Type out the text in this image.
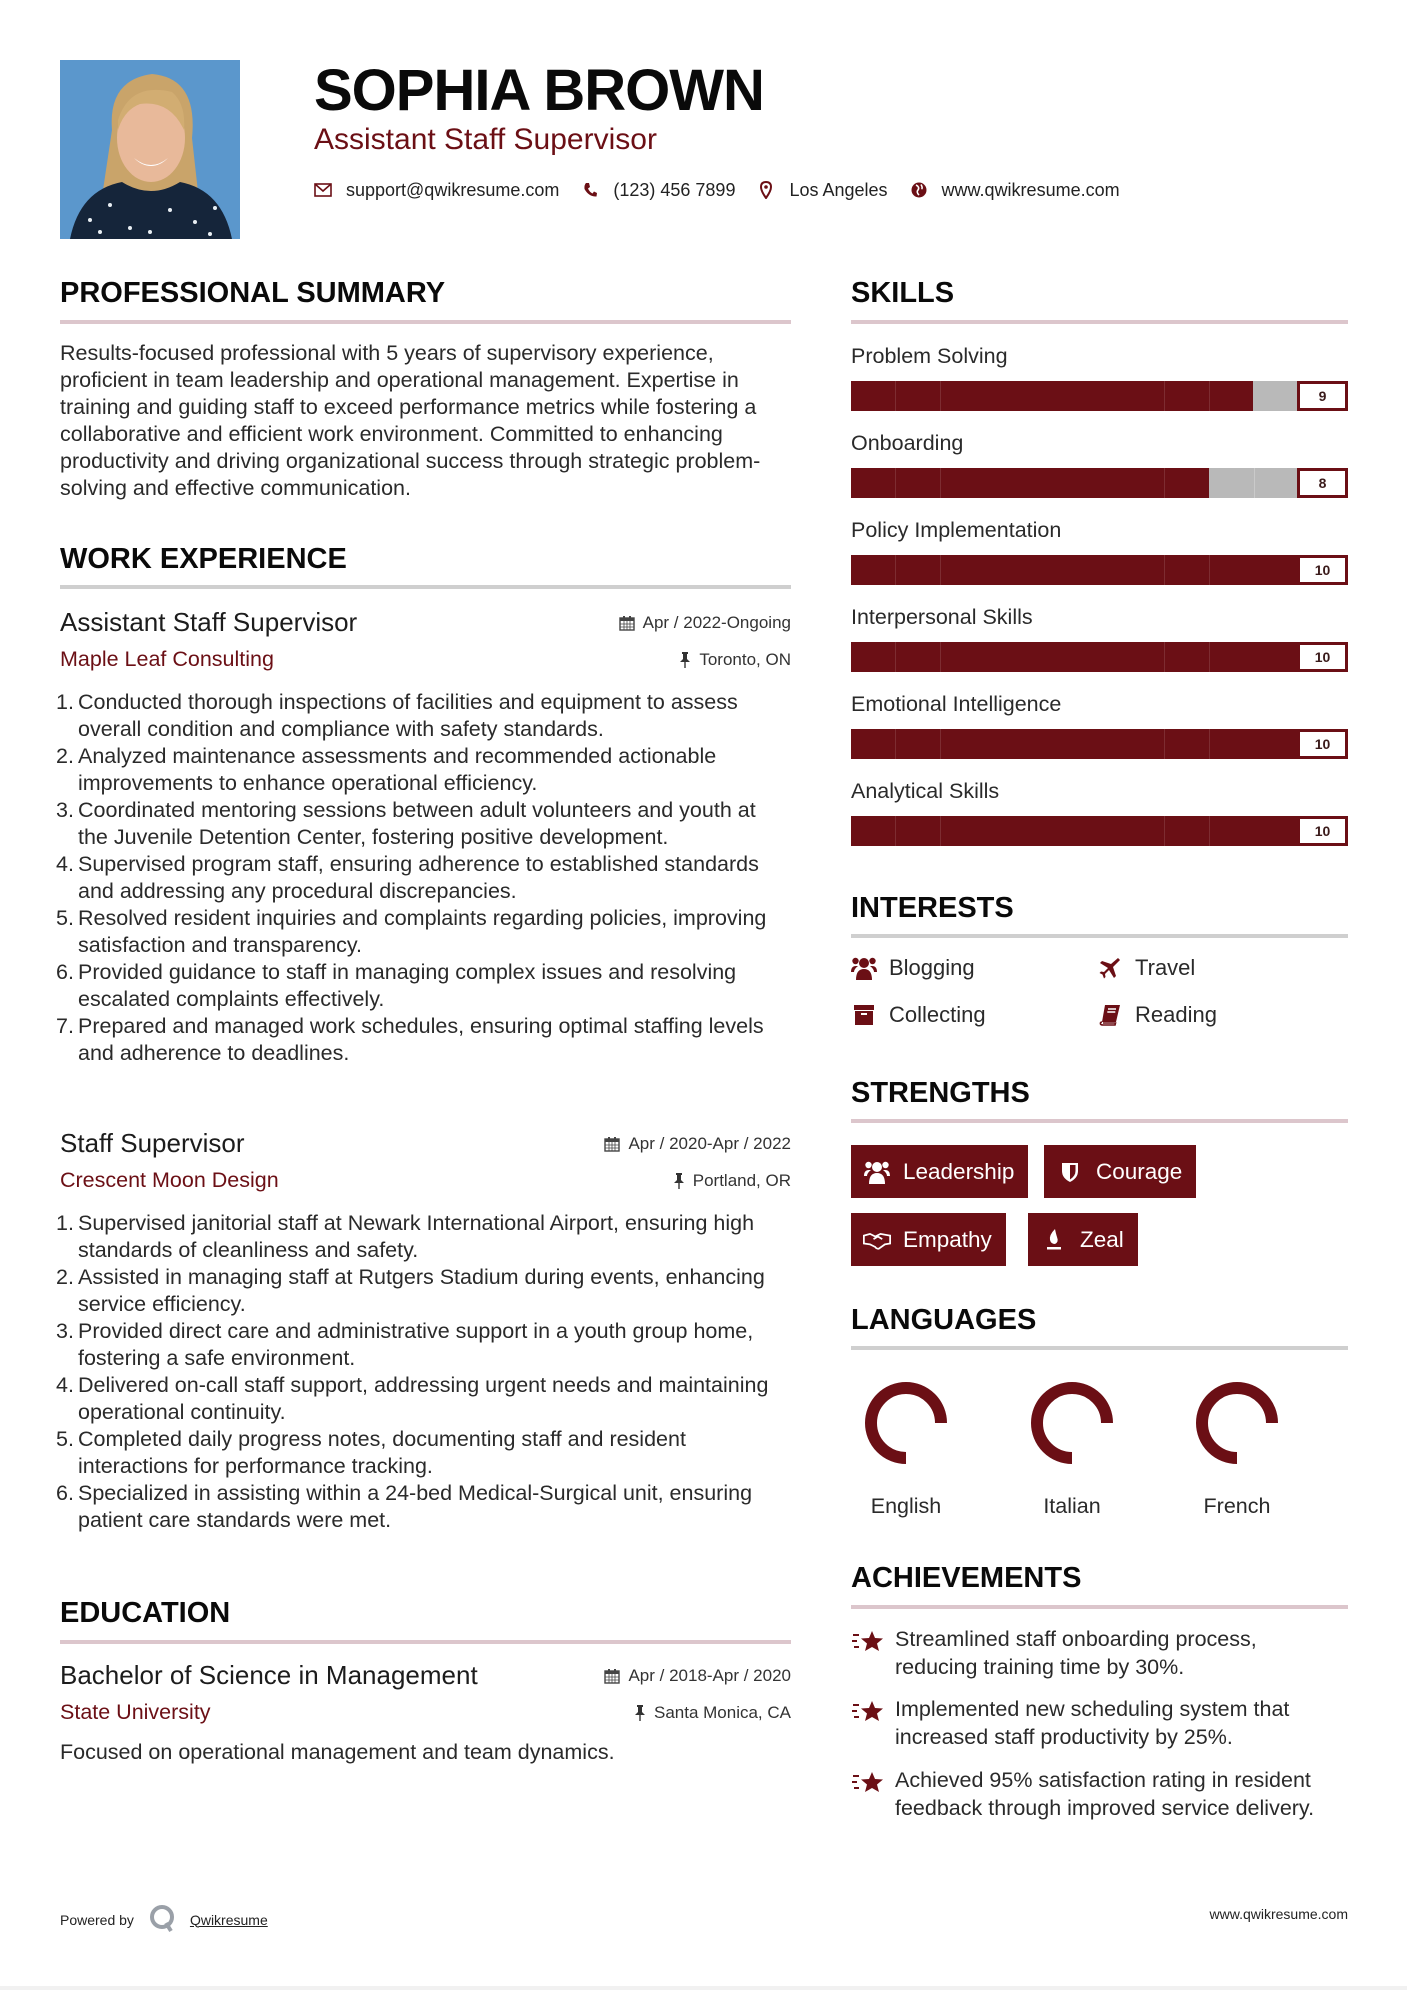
SOPHIA BROWN
Assistant Staff Supervisor
support@qwikresume.com	(123) 456 7899	Los Angeles	www.qwikresume.com
PROFESSIONAL SUMMARY
Results-focused professional with 5 years of supervisory experience, proficient in team leadership and operational management. Expertise in training and guiding staff to exceed performance metrics while fostering a collaborative and efficient work environment. Committed to enhancing productivity and driving organizational success through strategic problem-solving and effective communication.
WORK EXPERIENCE
Assistant Staff Supervisor
Maple Leaf Consulting
Apr / 2022-Ongoing
Toronto, ON
1. Conducted thorough inspections of facilities and equipment to assess overall condition and compliance with safety standards.
2. Analyzed maintenance assessments and recommended actionable improvements to enhance operational efficiency.
3. Coordinated mentoring sessions between adult volunteers and youth at the Juvenile Detention Center, fostering positive development.
4. Supervised program staff, ensuring adherence to established standards and addressing any procedural discrepancies.
5. Resolved resident inquiries and complaints regarding policies, improving satisfaction and transparency.
6. Provided guidance to staff in managing complex issues and resolving escalated complaints effectively.
7. Prepared and managed work schedules, ensuring optimal staffing levels and adherence to deadlines.
Staff Supervisor
Crescent Moon Design
Apr / 2020-Apr / 2022
Portland, OR
1. Supervised janitorial staff at Newark International Airport, ensuring high standards of cleanliness and safety.
2. Assisted in managing staff at Rutgers Stadium during events, enhancing service efficiency.
3. Provided direct care and administrative support in a youth group home, fostering a safe environment.
4. Delivered on-call staff support, addressing urgent needs and maintaining operational continuity.
5. Completed daily progress notes, documenting staff and resident interactions for performance tracking.
6. Specialized in assisting within a 24-bed Medical-Surgical unit, ensuring patient care standards were met.
EDUCATION
Bachelor of Science in Management
State University
Apr / 2018-Apr / 2020
Santa Monica, CA
Focused on operational management and team dynamics.
SKILLS
Problem Solving
9
Onboarding
8
Policy Implementation
10
Interpersonal Skills
10
Emotional Intelligence
10
Analytical Skills
10
INTERESTS
Blogging	Travel
Collecting	Reading
STRENGTHS
Leadership	Courage
Empathy	Zeal
LANGUAGES
English	Italian	French
ACHIEVEMENTS
Streamlined staff onboarding process, reducing training time by 30%.
Implemented new scheduling system that increased staff productivity by 25%.
Achieved 95% satisfaction rating in resident feedback through improved service delivery.
Powered by	Qwikresume	www.qwikresume.com
